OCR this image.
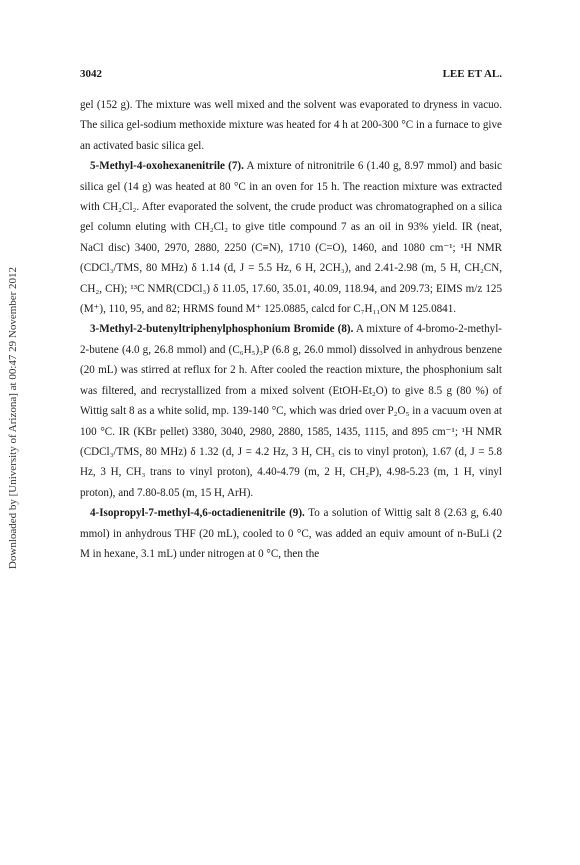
3042	LEE ET AL.
Downloaded by [University of Arizona] at 00:47 29 November 2012

gel (152 g). The mixture was well mixed and the solvent was evaporated to dryness in vacuo. The silica gel-sodium methoxide mixture was heated for 4 h at 200-300 °C in a furnace to give an activated basic silica gel.

5-Methyl-4-oxohexanenitrile (7). A mixture of nitronitrile 6 (1.40 g, 8.97 mmol) and basic silica gel (14 g) was heated at 80 °C in an oven for 15 h. The reaction mixture was extracted with CH₂Cl₂. After evaporated the solvent, the crude product was chromatographed on a silica gel column eluting with CH₂Cl₂ to give title compound 7 as an oil in 93% yield. IR (neat, NaCl disc) 3400, 2970, 2880, 2250 (C≡N), 1710 (C=O), 1460, and 1080 cm⁻¹; ¹H NMR (CDCl₃/TMS, 80 MHz) δ 1.14 (d, J = 5.5 Hz, 6 H, 2CH₃), and 2.41-2.98 (m, 5 H, CH₂CN, CH₂, CH); ¹³C NMR(CDCl₃) δ 11.05, 17.60, 35.01, 40.09, 118.94, and 209.73; EIMS m/z 125 (M⁺), 110, 95, and 82; HRMS found M⁺ 125.0885, calcd for C₇H₁₁ON M 125.0841.

3-Methyl-2-butenyltriphenylphosphonium Bromide (8). A mixture of 4-bromo-2-methyl-2-butene (4.0 g, 26.8 mmol) and (C₆H₅)₃P (6.8 g, 26.0 mmol) dissolved in anhydrous benzene (20 mL) was stirred at reflux for 2 h. After cooled the reaction mixture, the phosphonium salt was filtered, and recrystallized from a mixed solvent (EtOH-Et₂O) to give 8.5 g (80 %) of Wittig salt 8 as a white solid, mp. 139-140 °C, which was dried over P₂O₅ in a vacuum oven at 100 °C. IR (KBr pellet) 3380, 3040, 2980, 2880, 1585, 1435, 1115, and 895 cm⁻¹; ¹H NMR (CDCl₃/TMS, 80 MHz) δ 1.32 (d, J = 4.2 Hz, 3 H, CH₃ cis to vinyl proton), 1.67 (d, J = 5.8 Hz, 3 H, CH₃ trans to vinyl proton), 4.40-4.79 (m, 2 H, CH₂P), 4.98-5.23 (m, 1 H, vinyl proton), and 7.80-8.05 (m, 15 H, ArH).

4-Isopropyl-7-methyl-4,6-octadienenitrile (9). To a solution of Wittig salt 8 (2.63 g, 6.40 mmol) in anhydrous THF (20 mL), cooled to 0 °C, was added an equiv amount of n-BuLi (2 M in hexane, 3.1 mL) under nitrogen at 0 °C, then the
